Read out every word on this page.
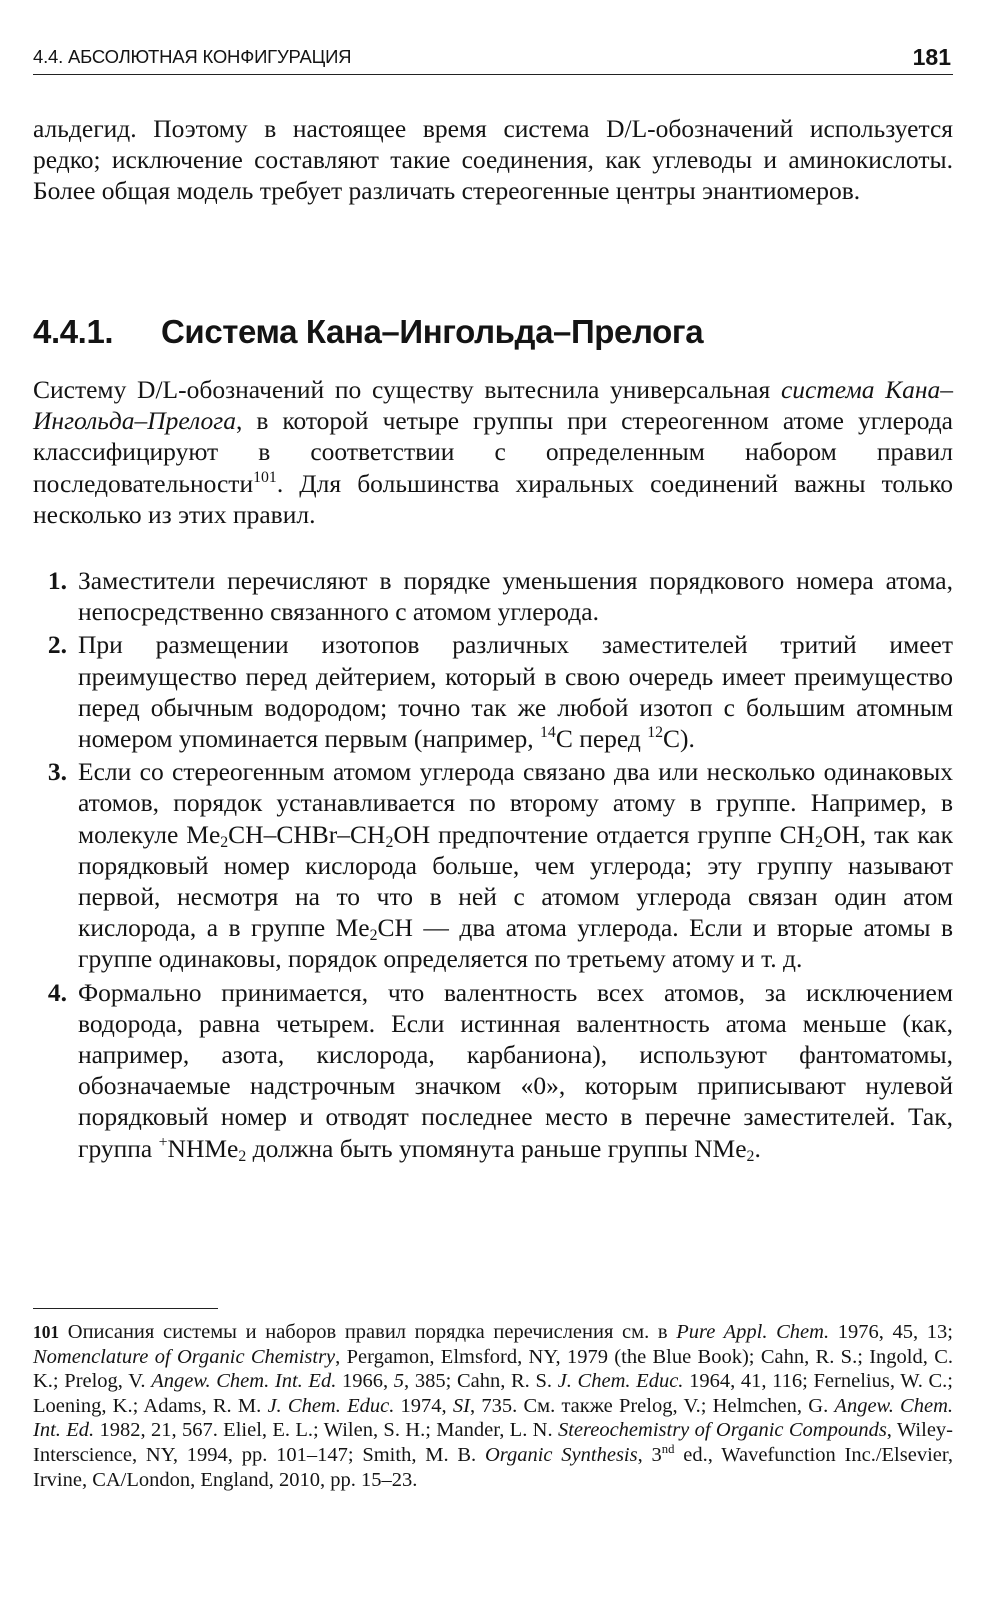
4.4. АБСОЛЮТНАЯ КОНФИГУРАЦИЯ	181

альдегид. Поэтому в настоящее время система D/L-обозначений используется редко; исключение составляют такие соединения, как углеводы и аминокислоты. Более общая модель требует различать стереогенные центры энантиомеров.

4.4.1. Система Кана–Ингольда–Прелога

Систему D/L-обозначений по существу вытеснила универсальная система Кана–Ингольда–Прелога, в которой четыре группы при стереогенном атоме углерода классифицируют в соответствии с определенным набором правил последовательности$^{101}$. Для большинства хиральных соединений важны только несколько из этих правил.

1. Заместители перечисляют в порядке уменьшения порядкового номера атома, непосредственно связанного с атомом углерода.
2. При размещении изотопов различных заместителей тритий имеет преимущество перед дейтерием, который в свою очередь имеет преимущество перед обычным водородом; точно так же любой изотоп с большим атомным номером упоминается первым (например, $^{14}$C перед $^{12}$C).
3. Если со стереогенным атомом углерода связано два или несколько одинаковых атомов, порядок устанавливается по второму атому в группе. Например, в молекуле $Me_2CH-CHBr-CH_2OH$ предпочтение отдается группе $CH_2OH$, так как порядковый номер кислорода больше, чем углерода; эту группу называют первой, несмотря на то что в ней с атомом углерода связан один атом кислорода, а в группе $Me_2CH$ — два атома углерода. Если и вторые атомы в группе одинаковы, порядок определяется по третьему атому и т. д.
4. Формально принимается, что валентность всех атомов, за исключением водорода, равна четырем. Если истинная валентность атома меньше (как, например, азота, кислорода, карбаниона), используют фантоматомы, обозначаемые надстрочным значком «0», которым приписывают нулевой порядковый номер и отводят последнее место в перечне заместителей. Так, группа +NHMe$_2$ должна быть упомянута раньше группы NMe$_2$.

101 Описания системы и наборов правил порядка перечисления см. в Pure Appl. Chem. 1976, 45, 13; Nomenclature of Organic Chemistry, Pergamon, Elmsford, NY, 1979 (the Blue Book); Cahn, R. S.; Ingold, C. K.; Prelog, V. Angew. Chem. Int. Ed. 1966, 5, 385; Cahn, R. S. J. Chem. Educ. 1964, 41, 116; Fernelius, W. C.; Loening, K.; Adams, R. M. J. Chem. Educ. 1974, SI, 735. См. также Prelog, V.; Helmchen, G. Angew. Chem. Int. Ed. 1982, 21, 567. Eliel, E. L.; Wilen, S. H.; Mander, L. N. Stereochemistry of Organic Compounds, Wiley-Interscience, NY, 1994, pp. 101–147; Smith, M. B. Organic Synthesis, 3nd ed., Wavefunction Inc./Elsevier, Irvine, CA/London, England, 2010, pp. 15–23.
